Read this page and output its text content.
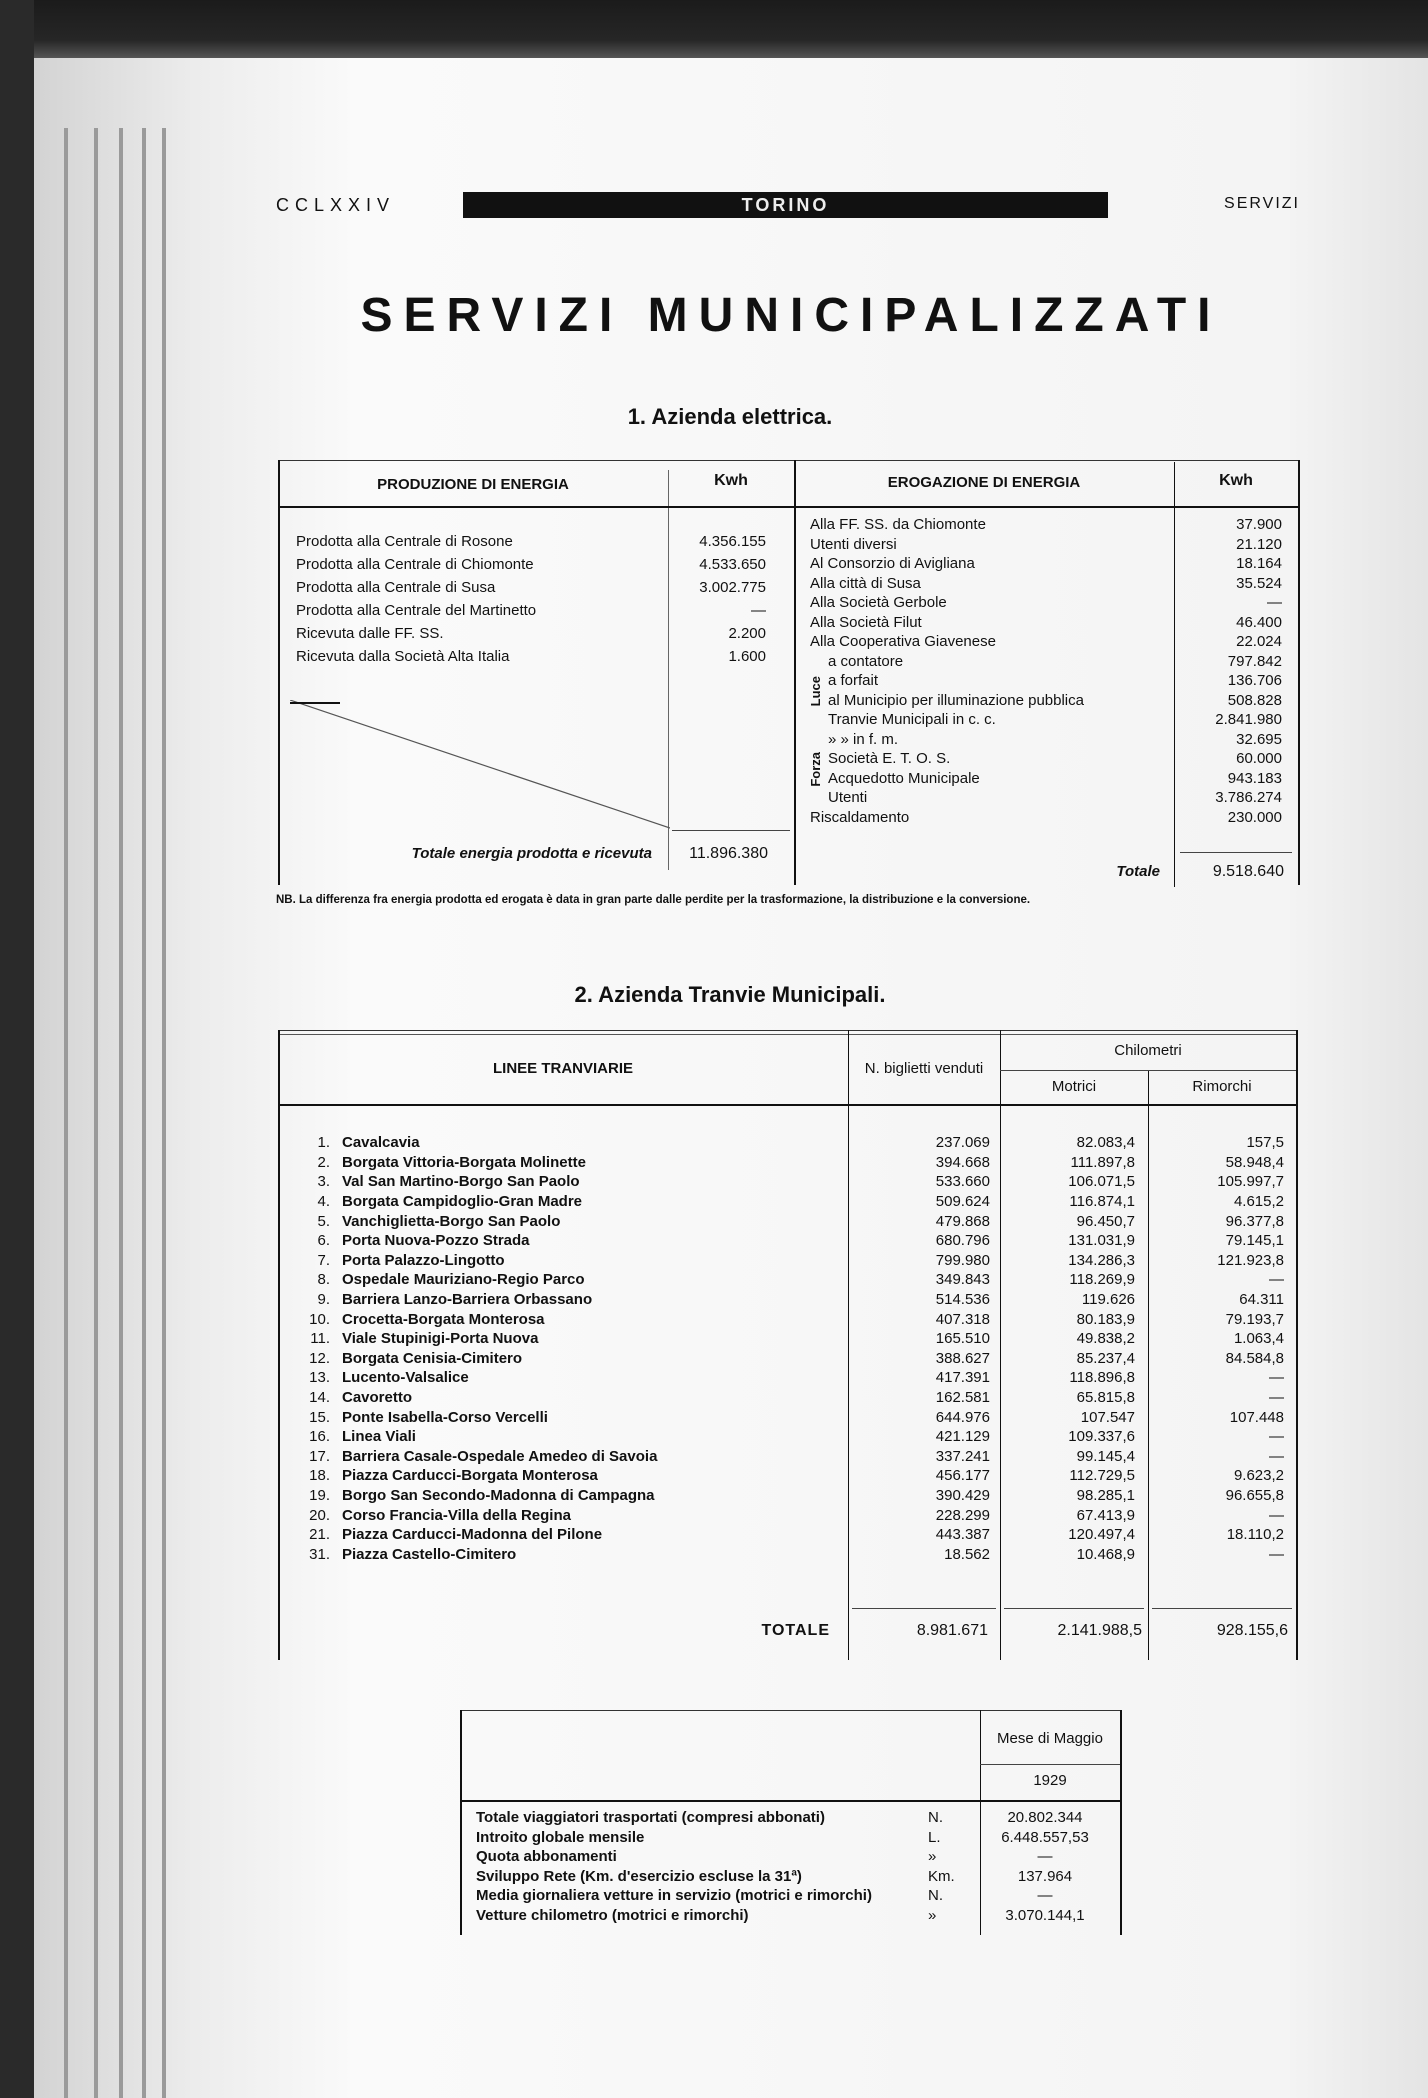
CCLXXIV	TORINO	SERVIZI
SERVIZI MUNICIPALIZZATI
1. Azienda elettrica.
PRODUZIONE DI ENERGIA	Kwh
Prodotta alla Centrale di Rosone	4.356.155
Prodotta alla Centrale di Chiomonte	4.533.650
Prodotta alla Centrale di Susa	3.002.775
Prodotta alla Centrale del Martinetto	—
Ricevuta dalle FF. SS.	2.200
Ricevuta dalla Società Alta Italia	1.600
Totale energia prodotta e ricevuta	11.896.380
EROGAZIONE DI ENERGIA	Kwh
Alla FF. SS. da Chiomonte	37.900
Utenti diversi	21.120
Al Consorzio di Avigliana	18.164
Alla città di Susa	35.524
Alla Società Gerbole	—
Alla Società Filut	46.400
Alla Cooperativa Giavenese	22.024
a contatore	797.842
a forfait	136.706
al Municipio per illuminazione pubblica	508.828
Tranvie Municipali in c. c.	2.841.980
» » in f. m.	32.695
Società E. T. O. S.	60.000
Acquedotto Municipale	943.183
Utenti	3.786.274
Riscaldamento	230.000
Luce
Forza
Totale	9.518.640
NB. La differenza fra energia prodotta ed erogata è data in gran parte dalle perdite per la trasformazione, la distribuzione e la conversione.
2. Azienda Tranvie Municipali.
LINEE TRANVIARIE	N. biglietti venduti
Chilometri
Motrici	Rimorchi
1.	Cavalcavia	237.069	82.083,4	157,5
2.	Borgata Vittoria-Borgata Molinette	394.668	111.897,8	58.948,4
3.	Val San Martino-Borgo San Paolo	533.660	106.071,5	105.997,7
4.	Borgata Campidoglio-Gran Madre	509.624	116.874,1	4.615,2
5.	Vanchiglietta-Borgo San Paolo	479.868	96.450,7	96.377,8
6.	Porta Nuova-Pozzo Strada	680.796	131.031,9	79.145,1
7.	Porta Palazzo-Lingotto	799.980	134.286,3	121.923,8
8.	Ospedale Mauriziano-Regio Parco	349.843	118.269,9	—
9.	Barriera Lanzo-Barriera Orbassano	514.536	119.626	64.311
10.	Crocetta-Borgata Monterosa	407.318	80.183,9	79.193,7
11.	Viale Stupinigi-Porta Nuova	165.510	49.838,2	1.063,4
12.	Borgata Cenisia-Cimitero	388.627	85.237,4	84.584,8
13.	Lucento-Valsalice	417.391	118.896,8	—
14.	Cavoretto	162.581	65.815,8	—
15.	Ponte Isabella-Corso Vercelli	644.976	107.547	107.448
16.	Linea Viali	421.129	109.337,6	—
17.	Barriera Casale-Ospedale Amedeo di Savoia	337.241	99.145,4	—
18.	Piazza Carducci-Borgata Monterosa	456.177	112.729,5	9.623,2
19.	Borgo San Secondo-Madonna di Campagna	390.429	98.285,1	96.655,8
20.	Corso Francia-Villa della Regina	228.299	67.413,9	—
21.	Piazza Carducci-Madonna del Pilone	443.387	120.497,4	18.110,2
31.	Piazza Castello-Cimitero	18.562	10.468,9	—
TOTALE	8.981.671	2.141.988,5	928.155,6
Mese di Maggio
1929
Totale viaggiatori trasportati (compresi abbonati)	N.	20.802.344
Introito globale mensile	L.	6.448.557,53
Quota abbonamenti	»	—
Sviluppo Rete (Km. d'esercizio escluse la 31ª)	Km.	137.964
Media giornaliera vetture in servizio (motrici e rimorchi)	N.	—
Vetture chilometro (motrici e rimorchi)	»	3.070.144,1
